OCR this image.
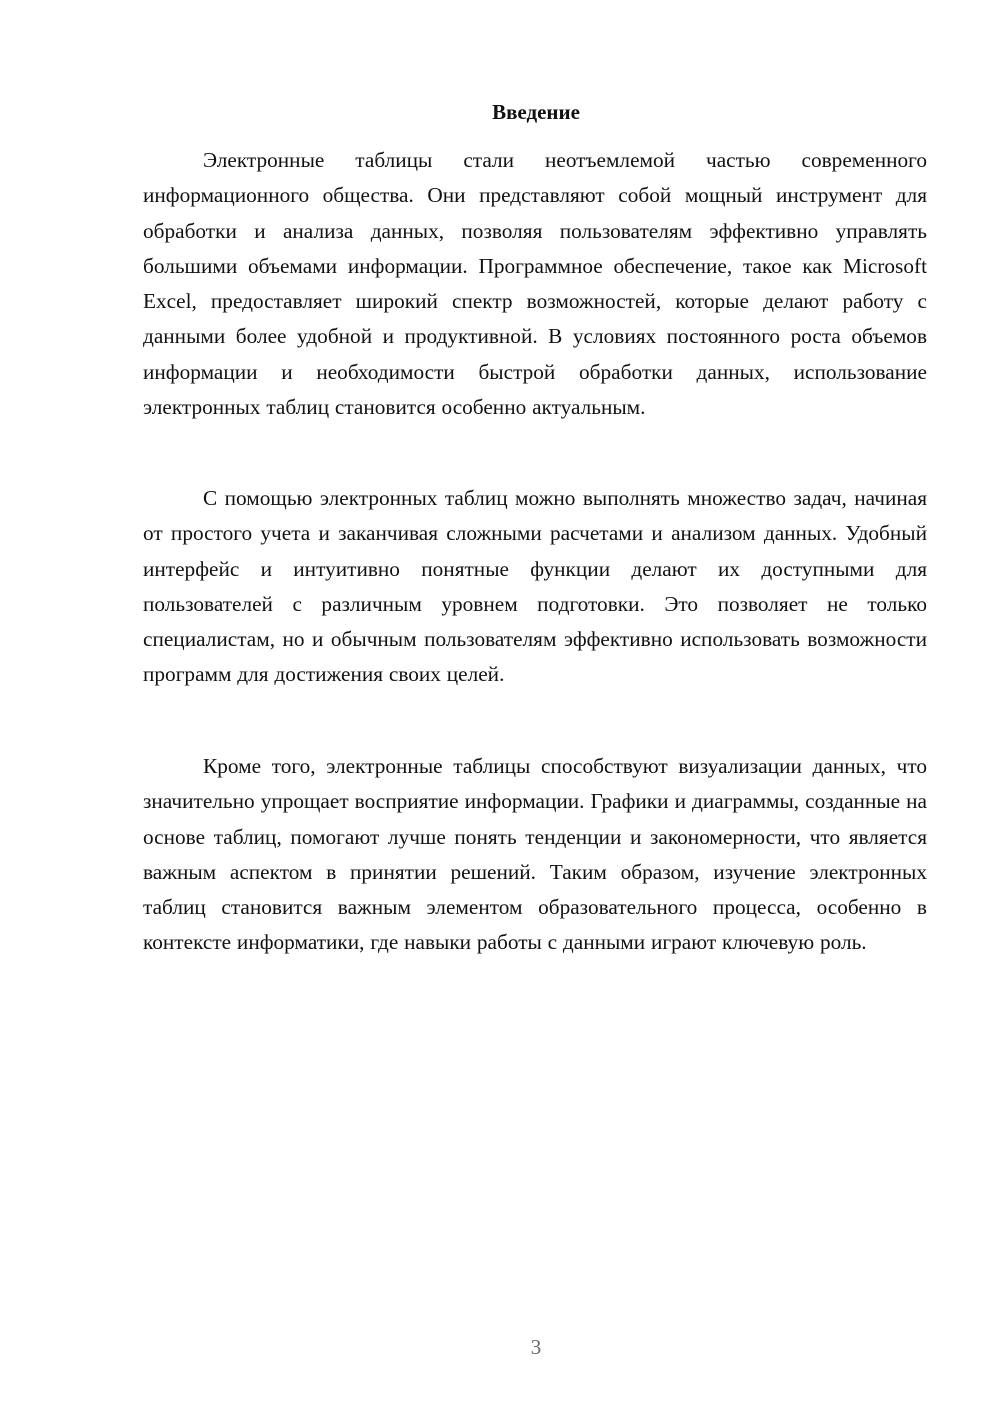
Введение

Электронные таблицы стали неотъемлемой частью современного информационного общества. Они представляют собой мощный инструмент для обработки и анализа данных, позволяя пользователям эффективно управлять большими объемами информации. Программное обеспечение, такое как Microsoft Excel, предоставляет широкий спектр возможностей, которые делают работу с данными более удобной и продуктивной. В условиях постоянного роста объемов информации и необходимости быстрой обработки данных, использование электронных таблиц становится особенно актуальным.

С помощью электронных таблиц можно выполнять множество задач, начиная от простого учета и заканчивая сложными расчетами и анализом данных. Удобный интерфейс и интуитивно понятные функции делают их доступными для пользователей с различным уровнем подготовки. Это позволяет не только специалистам, но и обычным пользователям эффективно использовать возможности программ для достижения своих целей.

Кроме того, электронные таблицы способствуют визуализации данных, что значительно упрощает восприятие информации. Графики и диаграммы, созданные на основе таблиц, помогают лучше понять тенденции и закономерности, что является важным аспектом в принятии решений. Таким образом, изучение электронных таблиц становится важным элементом образовательного процесса, особенно в контексте информатики, где навыки работы с данными играют ключевую роль.

3
